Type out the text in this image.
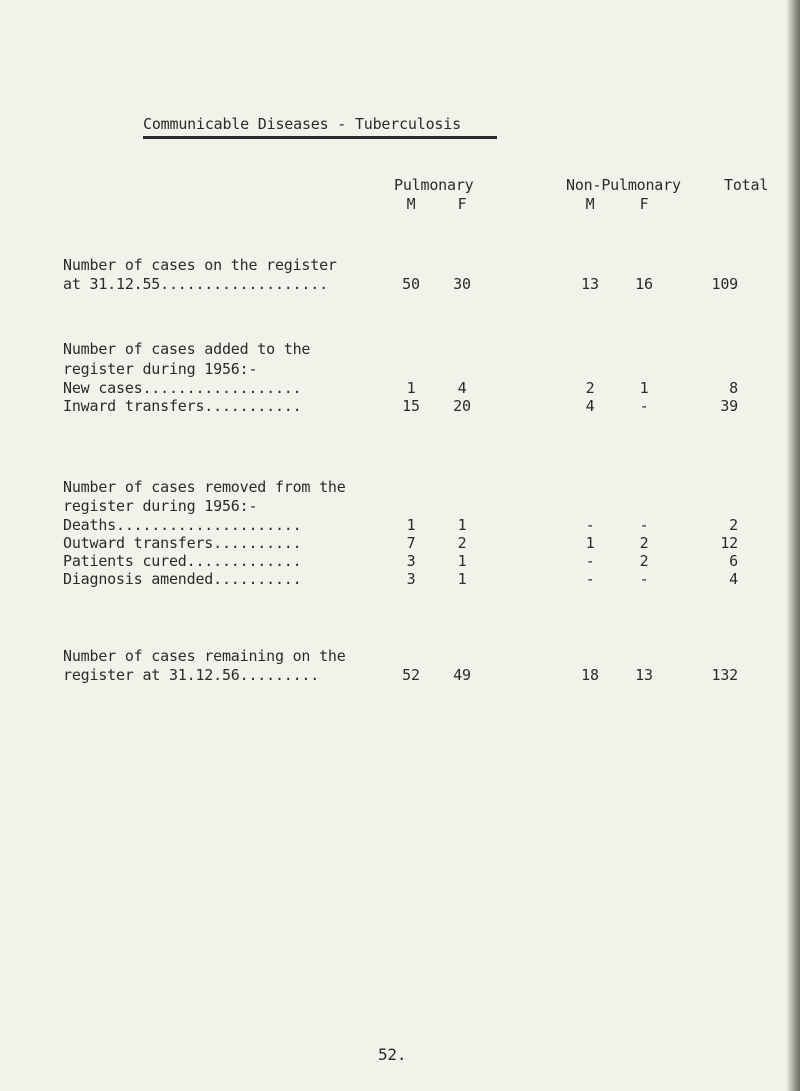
Communicable Diseases - Tuberculosis
Pulmonary	Non-Pulmonary	Total
M	F	M	F
Number of cases on the register
at 31.12.55...................	50	30	13	16	109
Number of cases added to the
register during 1956:-
New cases..................	1	4	2	1	8
Inward transfers...........	15	20	4	-	39
Number of cases removed from the
register during 1956:-
Deaths.....................	1	1	-	-	2
Outward transfers..........	7	2	1	2	12
Patients cured.............	3	1	-	2	6
Diagnosis amended..........	3	1	-	-	4
Number of cases remaining on the
register at 31.12.56.........	52	49	18	13	132
52.
